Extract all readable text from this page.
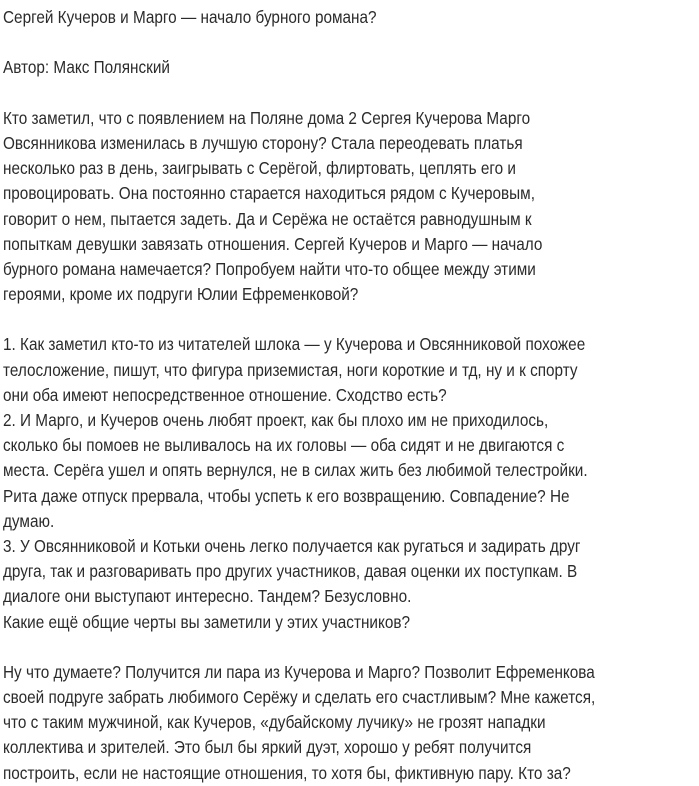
Сергей Кучеров и Марго — начало бурного романа?
Автор: Макс Полянский
Кто заметил, что с появлением на Поляне дома 2 Сергея Кучерова Марго
Овсянникова изменилась в лучшую сторону? Стала переодевать платья
несколько раз в день, заигрывать с Серёгой, флиртовать, цеплять его и
провоцировать. Она постоянно старается находиться рядом с Кучеровым,
говорит о нем, пытается задеть. Да и Серёжа не остаётся равнодушным к
попыткам девушки завязать отношения. Сергей Кучеров и Марго — начало
бурного романа намечается? Попробуем найти что-то общее между этими
героями, кроме их подруги Юлии Ефременковой?
1. Как заметил кто-то из читателей шлока — у Кучерова и Овсянниковой похожее
телосложение, пишут, что фигура приземистая, ноги короткие и тд, ну и к спорту
они оба имеют непосредственное отношение. Сходство есть?
2. И Марго, и Кучеров очень любят проект, как бы плохо им не приходилось,
сколько бы помоев не выливалось на их головы — оба сидят и не двигаются с
места. Серёга ушел и опять вернулся, не в силах жить без любимой телестройки.
Рита даже отпуск прервала, чтобы успеть к его возвращению. Совпадение? Не
думаю.
3. У Овсянниковой и Котьки очень легко получается как ругаться и задирать друг
друга, так и разговаривать про других участников, давая оценки их поступкам. В
диалоге они выступают интересно. Тандем? Безусловно.
Какие ещё общие черты вы заметили у этих участников?
Ну что думаете? Получится ли пара из Кучерова и Марго? Позволит Ефременкова
своей подруге забрать любимого Серёжу и сделать его счастливым? Мне кажется,
что с таким мужчиной, как Кучеров, «дубайскому лучику» не грозят нападки
коллектива и зрителей. Это был бы яркий дуэт, хорошо у ребят получится
построить, если не настоящие отношения, то хотя бы, фиктивную пару. Кто за?
